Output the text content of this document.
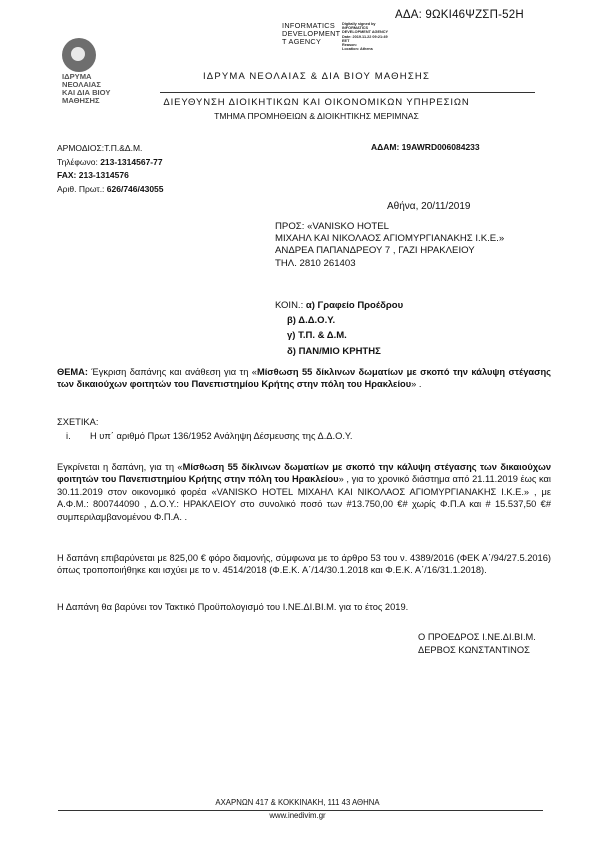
ΑΔΑ: 9ΩΚΙ46ΨΖΣΠ-52Η
ΙΔΡΥΜΑ
ΝΕΟΛΑΙΑΣ
ΚΑΙ ΔΙΑ ΒΙΟΥ
ΜΑΘΗΣΗΣ
INFORMATICS
DEVELOPMENT
T AGENCY
Digitally signed by
INFORMATICS
DEVELOPMENT AGENCY
Date: 2019.11.22 09:21:49
EET
Reason:
Location: Athens
ΙΔΡΥΜΑ ΝΕΟΛΑΙΑΣ & ΔΙΑ ΒΙΟΥ ΜΑΘΗΣΗΣ
ΔΙΕΥΘΥΝΣΗ ΔΙΟΙΚΗΤΙΚΩΝ ΚΑΙ ΟΙΚΟΝΟΜΙΚΩΝ ΥΠΗΡΕΣΙΩΝ
ΤΜΗΜΑ ΠΡΟΜΗΘΕΙΩΝ & ΔΙΟΙΚΗΤΙΚΗΣ ΜΕΡΙΜΝΑΣ
ΑΡΜΟΔΙΟΣ:Τ.Π.&Δ.Μ.
Τηλέφωνο: 213-1314567-77
FAX: 213-1314576
Αριθ. Πρωτ.: 626/746/43055
ΑΔΑΜ: 19AWRD006084233
Αθήνα, 20/11/2019
ΠΡΟΣ: «VANISKO HOTEL
ΜΙΧΑΗΛ ΚΑΙ ΝΙΚΟΛΑΟΣ ΑΓΙΟΜΥΡΓΙΑΝΑΚΗΣ Ι.Κ.Ε.»
ΑΝΔΡΕΑ ΠΑΠΑΝΔΡΕΟΥ 7 , ΓΑΖΙ ΗΡΑΚΛΕΙΟΥ
ΤΗΛ. 2810 261403
ΚΟΙΝ.: α) Γραφείο Προέδρου
β) Δ.Δ.Ο.Υ.
γ) Τ.Π. & Δ.Μ.
δ) ΠΑΝ/ΜΙΟ ΚΡΗΤΗΣ
ΘΕΜΑ: Έγκριση δαπάνης και ανάθεση για τη «Μίσθωση 55 δίκλινων δωματίων με σκοπό την κάλυψη στέγασης των δικαιούχων φοιτητών του Πανεπιστημίου Κρήτης στην πόλη του Ηρακλείου» .
ΣΧΕΤΙΚΑ:
i. Η υπ΄ αριθμό Πρωτ 136/1952 Ανάληψη Δέσμευσης της Δ.Δ.Ο.Υ.
Εγκρίνεται η δαπάνη, για τη «Μίσθωση 55 δίκλινων δωματίων με σκοπό την κάλυψη στέγασης των δικαιούχων φοιτητών του Πανεπιστημίου Κρήτης στην πόλη του Ηρακλείου» , για το χρονικό διάστημα από 21.11.2019 έως και 30.11.2019 στον οικονομικό φορέα «VANISKO HOTEL ΜΙΧΑΗΛ ΚΑΙ ΝΙΚΟΛΑΟΣ ΑΓΙΟΜΥΡΓΙΑΝΑΚΗΣ Ι.Κ.Ε.» , με Α.Φ.Μ.: 800744090 , Δ.Ο.Υ.: ΗΡΑΚΛΕΙΟΥ στο συνολικό ποσό των #13.750,00 €# χωρίς Φ.Π.Α και # 15.537,50 €# συμπεριλαμβανομένου Φ.Π.Α. .
Η δαπάνη επιβαρύνεται με 825,00 € φόρο διαμονής, σύμφωνα με το άρθρο 53 του ν. 4389/2016 (ΦΕΚ Α΄/94/27.5.2016) όπως τροποποιήθηκε και ισχύει με το ν. 4514/2018 (Φ.Ε.Κ. Α΄/14/30.1.2018 και Φ.Ε.Κ. Α΄/16/31.1.2018).
Η Δαπάνη θα βαρύνει τον Τακτικό Προϋπολογισμό του Ι.ΝΕ.ΔΙ.ΒΙ.Μ. για το έτος 2019.
Ο ΠΡΟΕΔΡΟΣ Ι.ΝΕ.ΔΙ.ΒΙ.Μ.
ΔΕΡΒΟΣ ΚΩΝΣΤΑΝΤΙΝΟΣ
ΑΧΑΡΝΩΝ 417 & ΚΟΚΚΙΝΑΚΗ, 111 43 ΑΘΗΝΑ
www.inedivim.gr
